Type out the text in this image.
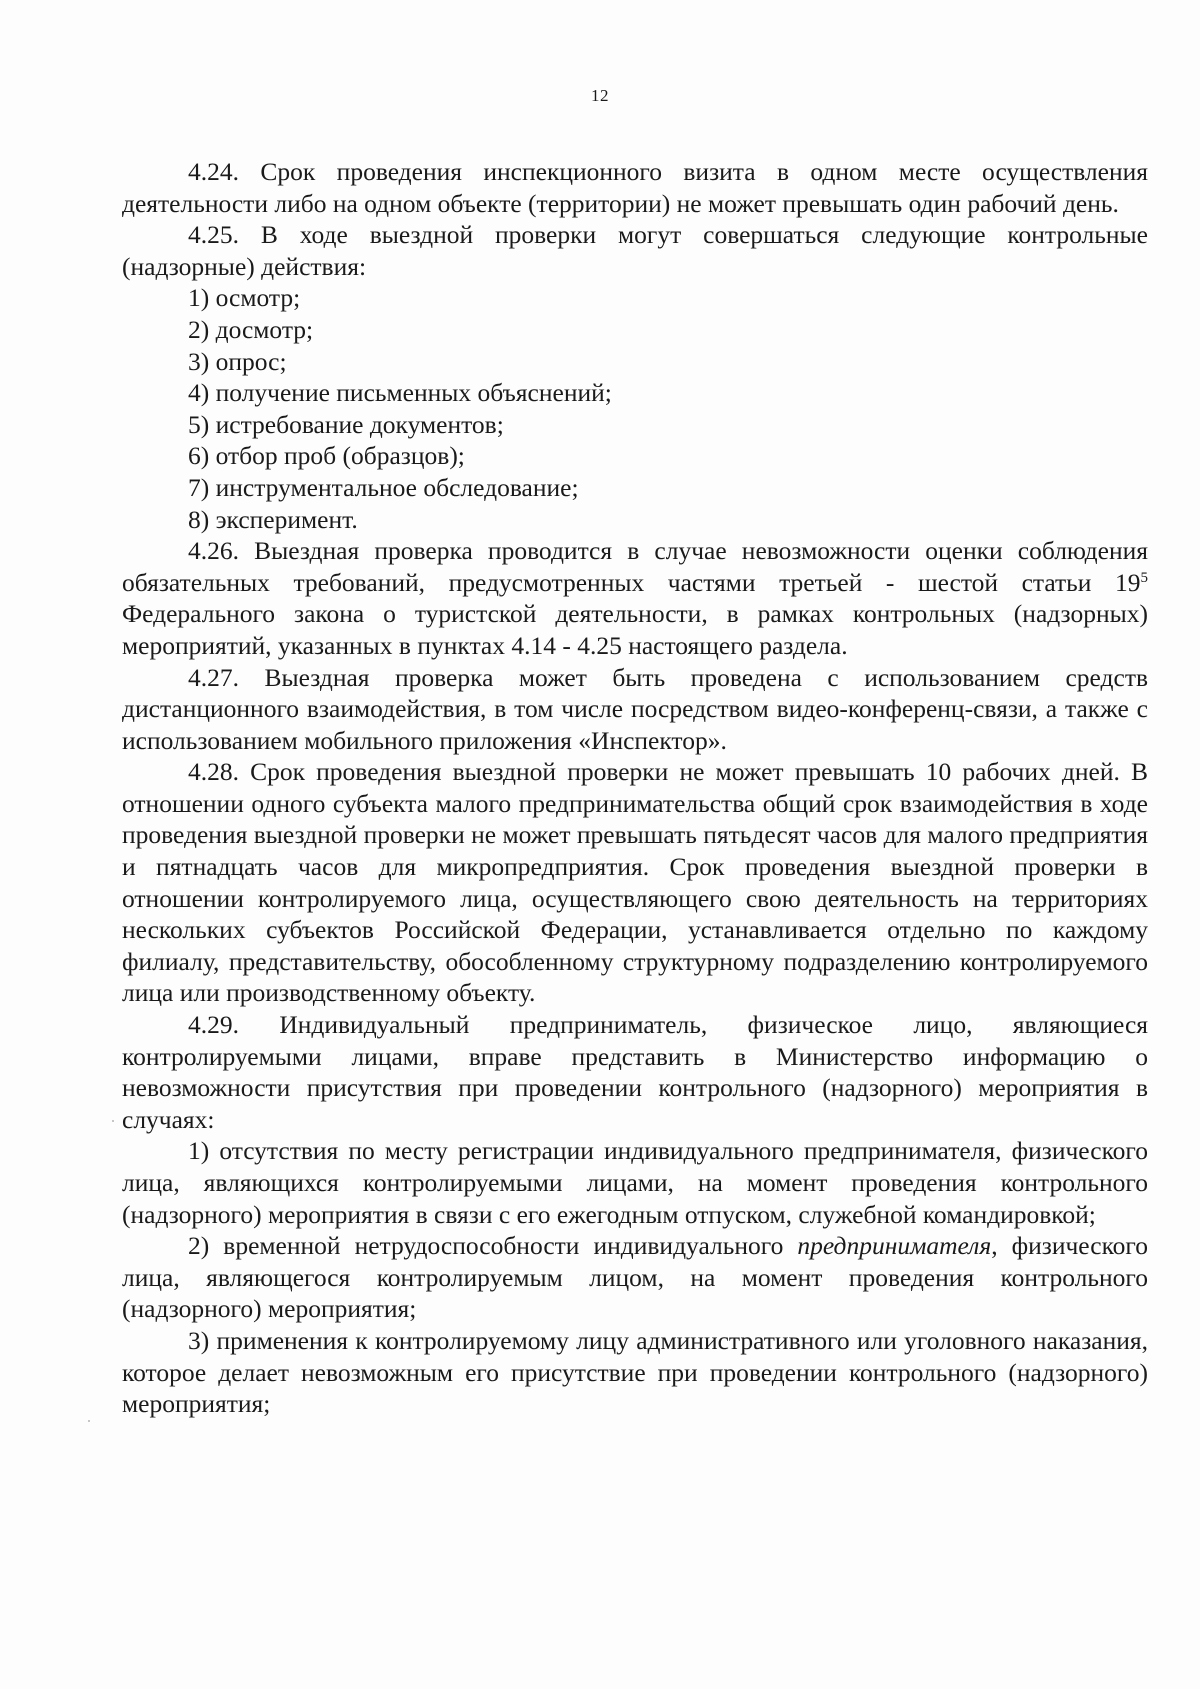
12

4.24. Срок проведения инспекционного визита в одном месте осуществления деятельности либо на одном объекте (территории) не может превышать один рабочий день.

4.25. В ходе выездной проверки могут совершаться следующие контрольные (надзорные) действия:

1) осмотр;

2) досмотр;

3) опрос;

4) получение письменных объяснений;

5) истребование документов;

6) отбор проб (образцов);

7) инструментальное обследование;

8) эксперимент.

4.26. Выездная проверка проводится в случае невозможности оценки соблюдения обязательных требований, предусмотренных частями третьей - шестой статьи $19^5$ Федерального закона о туристской деятельности, в рамках контрольных (надзорных) мероприятий, указанных в пунктах 4.14 - 4.25 настоящего раздела.

4.27. Выездная проверка может быть проведена с использованием средств дистанционного взаимодействия, в том числе посредством видео-конференц-связи, а также с использованием мобильного приложения «Инспектор».

4.28. Срок проведения выездной проверки не может превышать 10 рабочих дней. В отношении одного субъекта малого предпринимательства общий срок взаимодействия в ходе проведения выездной проверки не может превышать пятьдесят часов для малого предприятия и пятнадцать часов для микропредприятия. Срок проведения выездной проверки в отношении контролируемого лица, осуществляющего свою деятельность на территориях нескольких субъектов Российской Федерации, устанавливается отдельно по каждому филиалу, представительству, обособленному структурному подразделению контролируемого лица или производственному объекту.

4.29. Индивидуальный предприниматель, физическое лицо, являющиеся контролируемыми лицами, вправе представить в Министерство информацию о невозможности присутствия при проведении контрольного (надзорного) мероприятия в случаях:

1) отсутствия по месту регистрации индивидуального предпринимателя, физического лица, являющихся контролируемыми лицами, на момент проведения контрольного (надзорного) мероприятия в связи с его ежегодным отпуском, служебной командировкой;

2) временной нетрудоспособности индивидуального предпринимателя, физического лица, являющегося контролируемым лицом, на момент проведения контрольного (надзорного) мероприятия;

3) применения к контролируемому лицу административного или уголовного наказания, которое делает невозможным его присутствие при проведении контрольного (надзорного) мероприятия;
